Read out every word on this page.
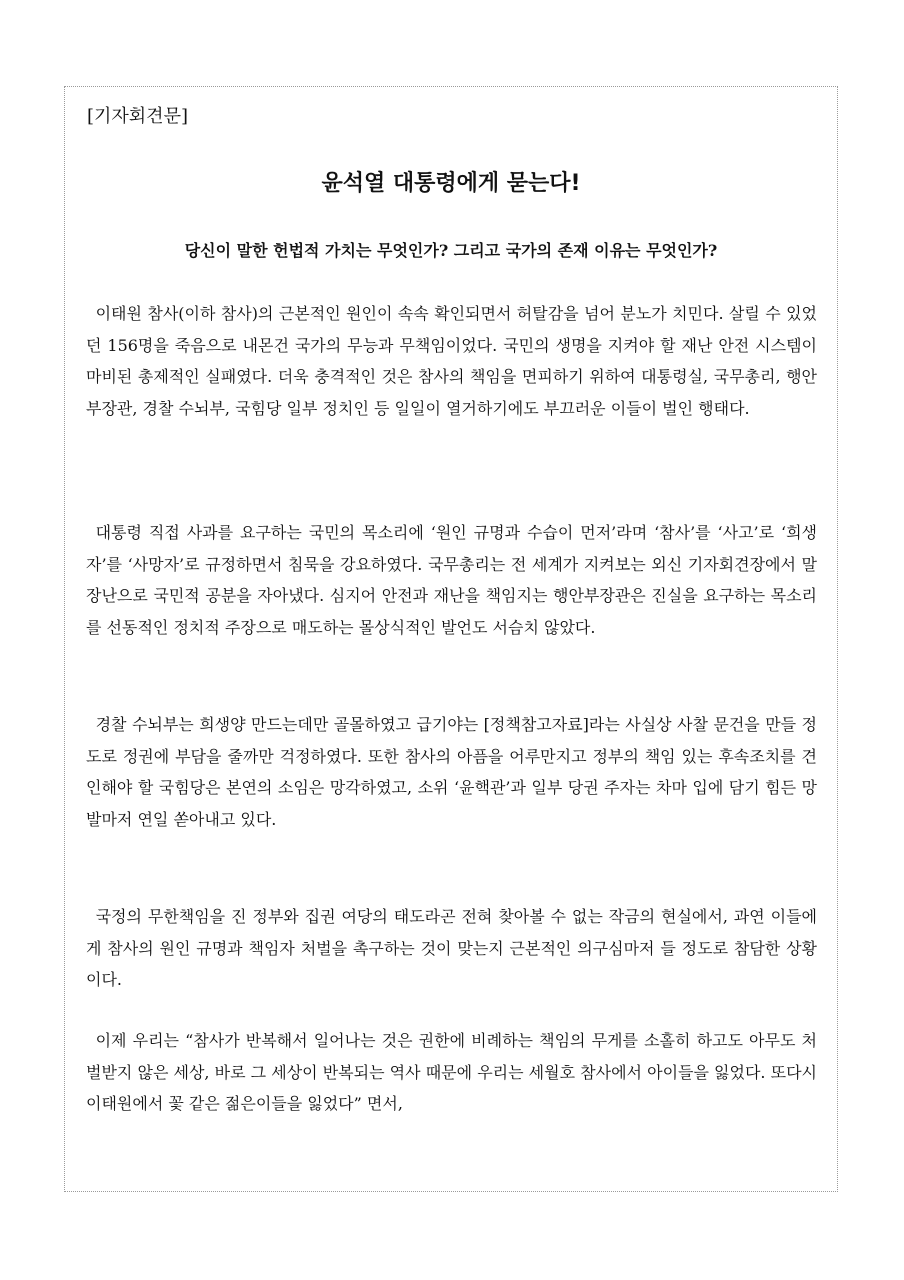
[기자회견문]
윤석열 대통령에게 묻는다!
당신이 말한 헌법적 가치는 무엇인가? 그리고 국가의 존재 이유는 무엇인가?

이태원 참사(이하 참사)의 근본적인 원인이 속속 확인되면서 허탈감을 넘어 분노가 치민다. 살릴 수 있었던 156명을 죽음으로 내몬건 국가의 무능과 무책임이었다. 국민의 생명을 지켜야 할 재난 안전 시스템이 마비된 총제적인 실패였다. 더욱 충격적인 것은 참사의 책임을 면피하기 위하여 대통령실, 국무총리, 행안부장관, 경찰 수뇌부, 국힘당 일부 정치인 등 일일이 열거하기에도 부끄러운 이들이 벌인 행태다.

대통령 직접 사과를 요구하는 국민의 목소리에 ‘원인 규명과 수습이 먼저’라며 ‘참사’를 ‘사고’로 ‘희생자’를 ‘사망자’로 규정하면서 침묵을 강요하였다. 국무총리는 전 세계가 지켜보는 외신 기자회견장에서 말장난으로 국민적 공분을 자아냈다. 심지어 안전과 재난을 책임지는 행안부장관은 진실을 요구하는 목소리를 선동적인 정치적 주장으로 매도하는 몰상식적인 발언도 서슴치 않았다.

경찰 수뇌부는 희생양 만드는데만 골몰하였고 급기야는 [정책참고자료]라는 사실상 사찰 문건을 만들 정도로 정권에 부담을 줄까만 걱정하였다. 또한 참사의 아픔을 어루만지고 정부의 책임 있는 후속조치를 견인해야 할 국힘당은 본연의 소임은 망각하였고, 소위 ‘윤핵관’과 일부 당권 주자는 차마 입에 담기 힘든 망발마저 연일 쏟아내고 있다.

국정의 무한책임을 진 정부와 집권 여당의 태도라곤 전혀 찾아볼 수 없는 작금의 현실에서, 과연 이들에게 참사의 원인 규명과 책임자 처벌을 촉구하는 것이 맞는지 근본적인 의구심마저 들 정도로 참담한 상황이다.

이제 우리는 “참사가 반복해서 일어나는 것은 권한에 비례하는 책임의 무게를 소홀히 하고도 아무도 처벌받지 않은 세상, 바로 그 세상이 반복되는 역사 때문에 우리는 세월호 참사에서 아이들을 잃었다. 또다시 이태원에서 꽃 같은 젊은이들을 잃었다” 면서,
